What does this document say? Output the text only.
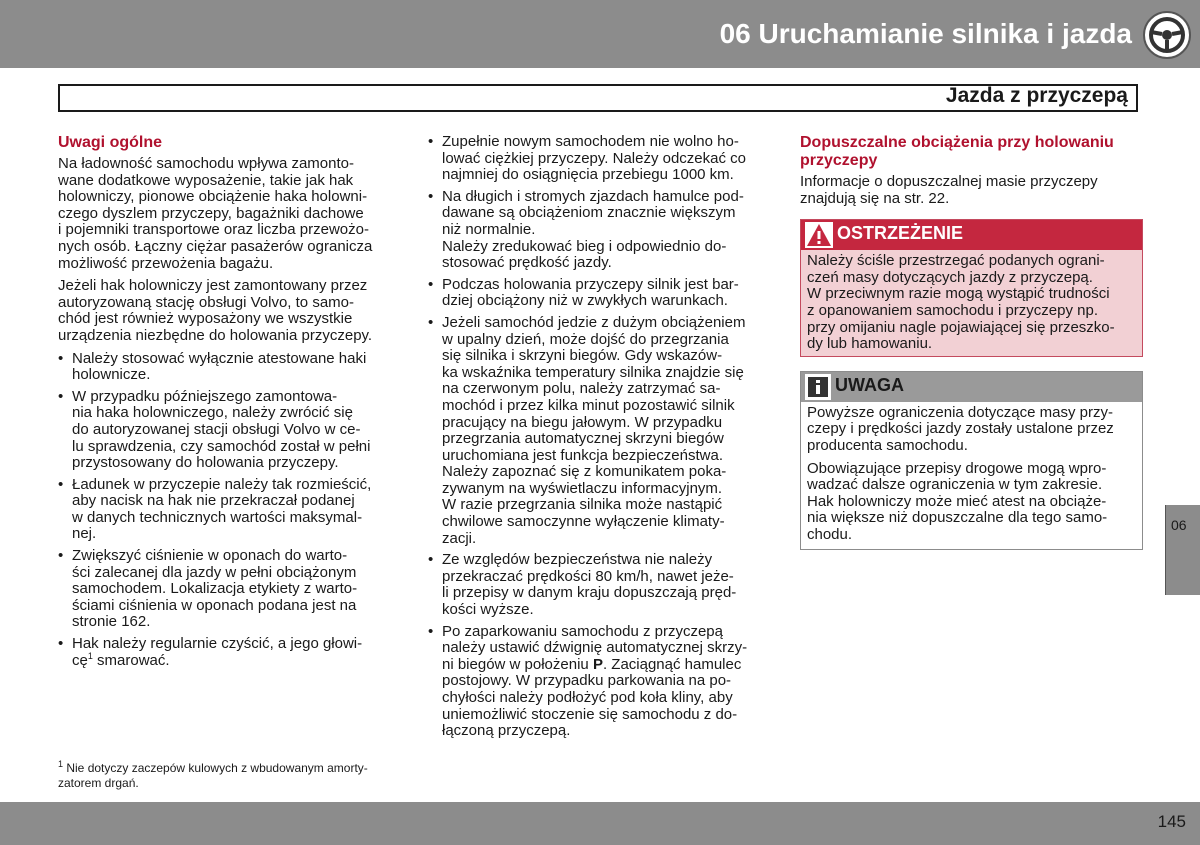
06 Uruchamianie silnika i jazda
Jazda z przyczepą
Uwagi ogólne

Na ładowność samochodu wpływa zamonto-
wane dodatkowe wyposażenie, takie jak hak
holowniczy, pionowe obciążenie haka holowni-
czego dyszlem przyczepy, bagażniki dachowe
i pojemniki transportowe oraz liczba przewożo-
nych osób. Łączny ciężar pasażerów ogranicza
możliwość przewożenia bagażu.

Jeżeli hak holowniczy jest zamontowany przez
autoryzowaną stację obsługi Volvo, to samo-
chód jest również wyposażony we wszystkie
urządzenia niezbędne do holowania przyczepy.

• Należy stosować wyłącznie atestowane haki
holownicze.
• W przypadku późniejszego zamontowa-
nia haka holowniczego, należy zwrócić się
do autoryzowanej stacji obsługi Volvo w ce-
lu sprawdzenia, czy samochód został w pełni
przystosowany do holowania przyczepy.
• Ładunek w przyczepie należy tak rozmieścić,
aby nacisk na hak nie przekraczał podanej
w danych technicznych wartości maksymal-
nej.
• Zwiększyć ciśnienie w oponach do warto-
ści zalecanej dla jazdy w pełni obciążonym
samochodem. Lokalizacja etykiety z warto-
ściami ciśnienia w oponach podana jest na
stronie 162.
• Hak należy regularnie czyścić, a jego głowi-
$cę^1$ smarować.
• Zupełnie nowym samochodem nie wolno ho-
lować ciężkiej przyczepy. Należy odczekać co
najmniej do osiągnięcia przebiegu 1000 km.
• Na długich i stromych zjazdach hamulce pod-
dawane są obciążeniom znacznie większym
niż normalnie.
Należy zredukować bieg i odpowiednio do-
stosować prędkość jazdy.
• Podczas holowania przyczepy silnik jest bar-
dziej obciążony niż w zwykłych warunkach.
• Jeżeli samochód jedzie z dużym obciążeniem
w upalny dzień, może dojść do przegrzania
się silnika i skrzyni biegów. Gdy wskazów-
ka wskaźnika temperatury silnika znajdzie się
na czerwonym polu, należy zatrzymać sa-
mochód i przez kilka minut pozostawić silnik
pracujący na biegu jałowym. W przypadku
przegrzania automatycznej skrzyni biegów
uruchomiana jest funkcja bezpieczeństwa.
Należy zapoznać się z komunikatem poka-
zywanym na wyświetlaczu informacyjnym.
W razie przegrzania silnika może nastąpić
chwilowe samoczynne wyłączenie klimaty-
zacji.
• Ze względów bezpieczeństwa nie należy
przekraczać prędkości 80 km/h, nawet jeże-
li przepisy w danym kraju dopuszczają pręd-
kości wyższe.
• Po zaparkowaniu samochodu z przyczepą
należy ustawić dźwignię automatycznej skrzy-
ni biegów w położeniu P. Zaciągnąć hamulec
postojowy. W przypadku parkowania na po-
chyłości należy podłożyć pod koła kliny, aby
uniemożliwić stoczenie się samochodu z do-
łączoną przyczepą.
Dopuszczalne obciążenia przy holowaniu
przyczepy

Informacje o dopuszczalnej masie przyczepy
znajdują się na str. 22.

OSTRZEŻENIE
Należy ściśle przestrzegać podanych ograni-
czeń masy dotyczących jazdy z przyczepą.
W przeciwnym razie mogą wystąpić trudności
z opanowaniem samochodu i przyczepy np.
przy omijaniu nagle pojawiającej się przeszko-
dy lub hamowaniu.
UWAGA

Powyższe ograniczenia dotyczące masy przy-
czepy i prędkości jazdy zostały ustalone przez
producenta samochodu.

Obowiązujące przepisy drogowe mogą wpro-
wadzać dalsze ograniczenia w tym zakresie.
Hak holowniczy może mieć atest na obciąże-
nia większe niż dopuszczalne dla tego samo-
chodu.

06
$^1$ Nie dotyczy zaczepów kulowych z wbudowanym amorty-
zatorem drgań.
145
